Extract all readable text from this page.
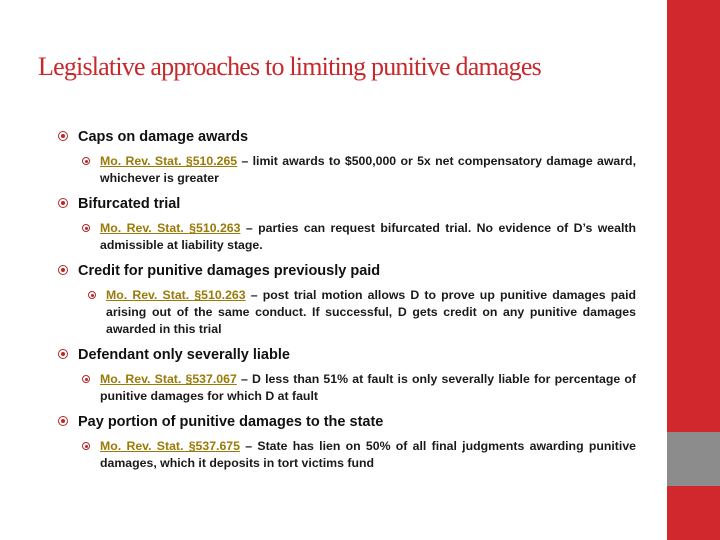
Legislative approaches to limiting punitive damages
Caps on damage awards

Mo. Rev. Stat. §510.265 – limit awards to $500,000 or 5x net compensatory damage award, whichever is greater

Bifurcated trial

Mo. Rev. Stat. §510.263 – parties can request bifurcated trial. No evidence of D’s wealth admissible at liability stage.

Credit for punitive damages previously paid

Mo. Rev. Stat. §510.263 – post trial motion allows D to prove up punitive damages paid arising out of the same conduct. If successful, D gets credit on any punitive damages awarded in this trial

Defendant only severally liable

Mo. Rev. Stat. §537.067 – D less than 51% at fault is only severally liable for percentage of punitive damages for which D at fault

Pay portion of punitive damages to the state

Mo. Rev. Stat. §537.675 – State has lien on 50% of all final judgments awarding punitive damages, which it deposits in tort victims fund
